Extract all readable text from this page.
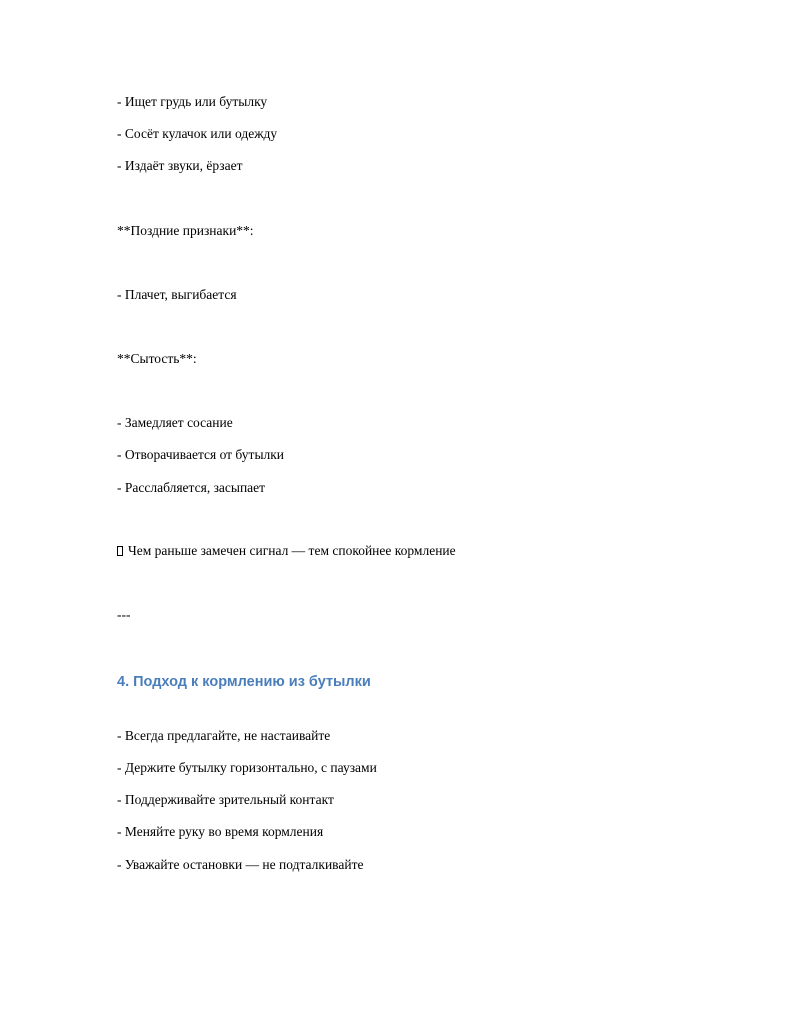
- Ищет грудь или бутылку
- Сосёт кулачок или одежду
- Издаёт звуки, ёрзает
**Поздние признаки**:
- Плачет, выгибается
**Сытость**:
- Замедляет сосание
- Отворачивается от бутылки
- Расслабляется, засыпает
Чем раньше замечен сигнал — тем спокойнее кормление
---
4. Подход к кормлению из бутылки
- Всегда предлагайте, не настаивайте
- Держите бутылку горизонтально, с паузами
- Поддерживайте зрительный контакт
- Меняйте руку во время кормления
- Уважайте остановки — не подталкивайте
